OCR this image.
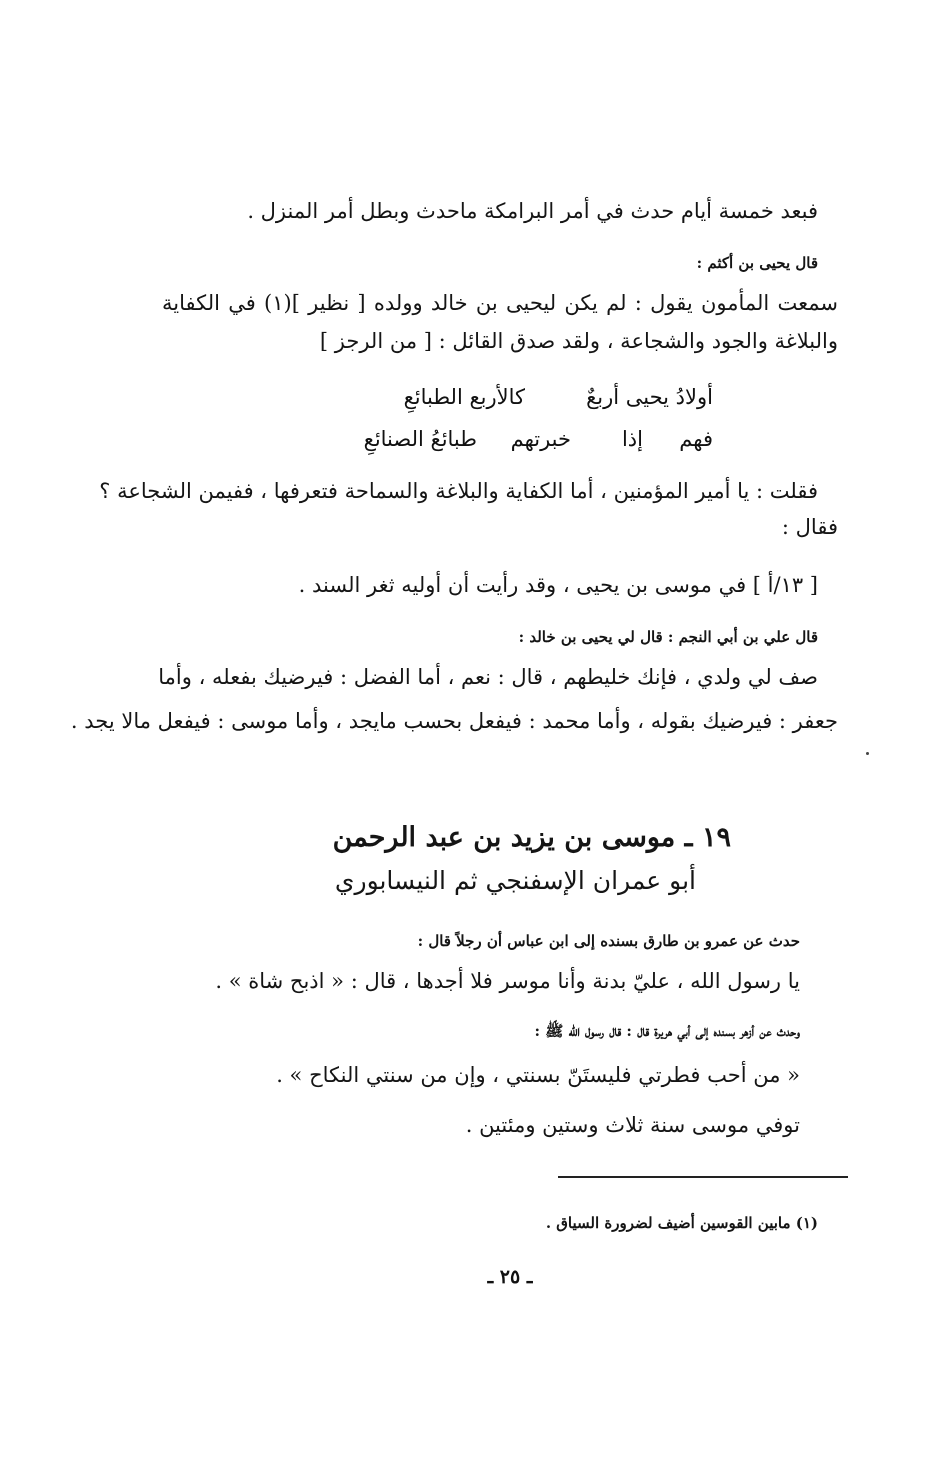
فبعد خمسة أيام حدث في أمر البرامكة ماحدث وبطل أمر المنزل .
قال يحيى بن أكثم :
سمعت المأمون يقول : لم يكن ليحيى بن خالد وولده [ نظير ](١) في الكفاية
والبلاغة والجود والشجاعة ، ولقد صدق القائل : [ من الرجز ]
أولادُ يحيى أربعٌ
كالأربع الطبائعِ
فهم
إذا
خبرتهم
طبائعُ الصنائعِ
فقلت : يا أمير المؤمنين ، أما الكفاية والبلاغة والسماحة فتعرفها ، ففيمن الشجاعة ؟
فقال :
[ ١٣/أ ] في موسى بن يحيى ، وقد رأيت أن أوليه ثغر السند .
قال علي بن أبي النجم : قال لي يحيى بن خالد :
صف لي ولدي ، فإنك خليطهم ، قال : نعم ، أما الفضل : فيرضيك بفعله ، وأما
جعفر : فيرضيك بقوله ، وأما محمد : فيفعل بحسب مايجد ، وأما موسى : فيفعل مالا يجد .
١٩ ـ موسى بن يزيد بن عبد الرحمن
أبو عمران الإسفنجي ثم النيسابوري
حدث عن عمرو بن طارق بسنده إلى ابن عباس أن رجلاً قال :
يا رسول الله ، عليّ بدنة وأنا موسر فلا أجدها ، قال : « اذبح شاة » .
وحدث عن أزهر بسنده إلى أبي هريرة قال : قال رسول الله ﷺ :
« من أحب فطرتي فليستَنّ بسنتي ، وإن من سنتي النكاح » .
توفي موسى سنة ثلاث وستين ومئتين .
(١) مابين القوسين أضيف لضرورة السياق .
ـ ٢٥ ـ
